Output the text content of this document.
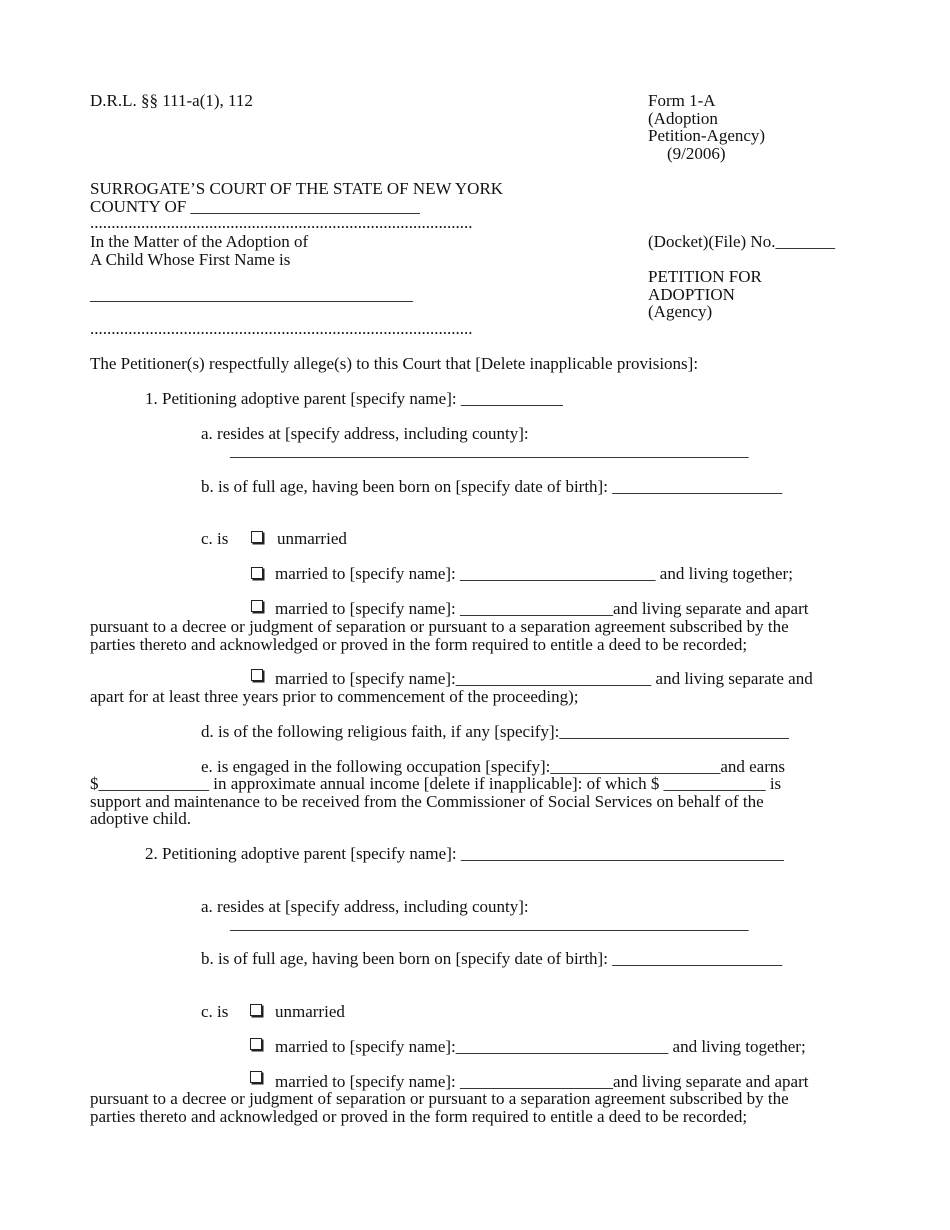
D.R.L. §§ 111-a(1), 112	Form 1-A
(Adoption
Petition-Agency)
(9/2006)
SURROGATE’S COURT OF THE STATE OF NEW YORK
COUNTY OF ___________________________
..........................................................................................
In the Matter of the Adoption of
A Child Whose First Name is
______________________________________
..........................................................................................
(Docket)(File) No._______
PETITION FOR
ADOPTION
(Agency)
The Petitioner(s) respectfully allege(s) to this Court that [Delete inapplicable provisions]:
1. Petitioning adoptive parent [specify name]: ____________
a. resides at [specify address, including county]:
_____________________________________________________________
b. is of full age, having been born on [specify date of birth]: ____________________
c. is	unmarried
married to [specify name]: _______________________ and living together;
married to [specify name]: __________________and living separate and apart
pursuant to a decree or judgment of separation or pursuant to a separation agreement subscribed by the
parties thereto and acknowledged or proved in the form required to entitle a deed to be recorded;
married to [specify name]:_______________________ and living separate and
apart for at least three years prior to commencement of the proceeding);
d. is of the following religious faith, if any [specify]:___________________________
e. is engaged in the following occupation [specify]:____________________and earns
$_____________ in approximate annual income [delete if inapplicable]: of which $ ____________ is
support and maintenance to be received from the Commissioner of Social Services on behalf of the
adoptive child.
2. Petitioning adoptive parent [specify name]: ______________________________________
a. resides at [specify address, including county]:
_____________________________________________________________
b. is of full age, having been born on [specify date of birth]: ____________________
c. is	unmarried
married to [specify name]:_________________________ and living together;
married to [specify name]: __________________and living separate and apart
pursuant to a decree or judgment of separation or pursuant to a separation agreement subscribed by the
parties thereto and acknowledged or proved in the form required to entitle a deed to be recorded;
